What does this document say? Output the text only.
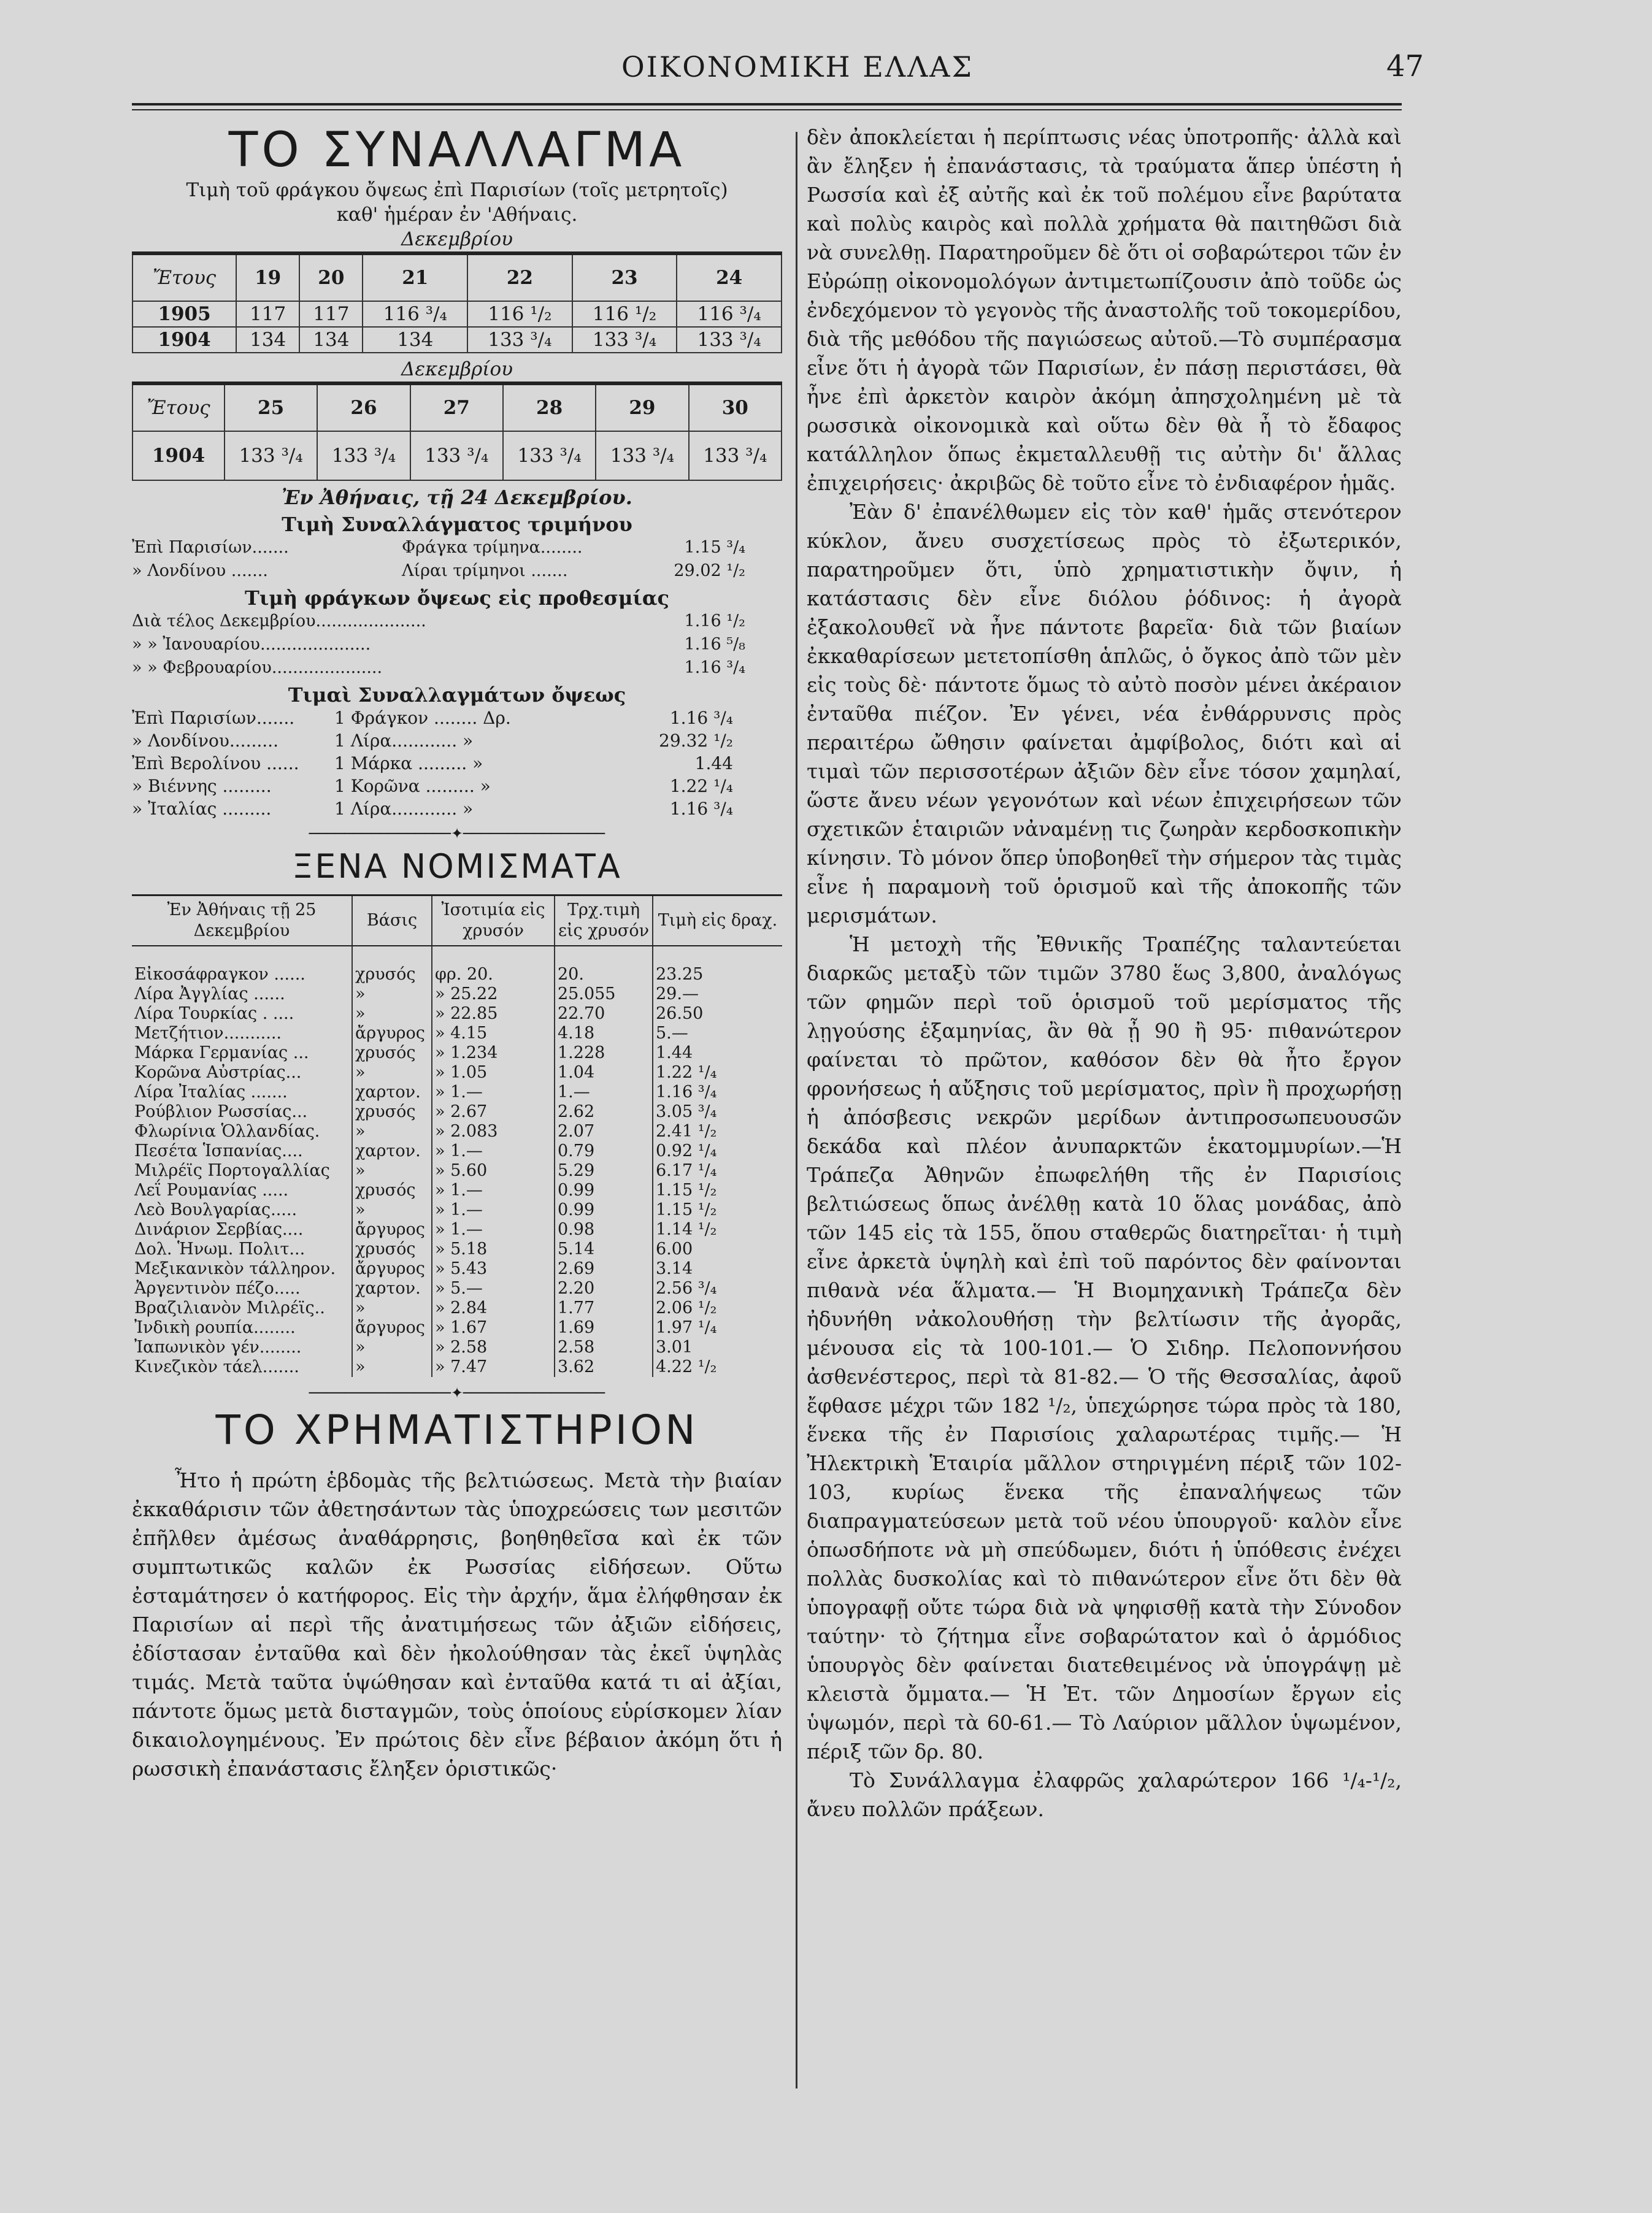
ΟΙΚΟΝΟΜΙΚΗ ΕΛΛΑΣ	47
ΤΟ ΣΥΝΑΛΛΑΓΜΑ
Τιμὴ τοῦ φράγκου ὄψεως ἐπὶ Παρισίων (τοῖς μετρητοῖς)
καθ' ἡμέραν ἐν 'Αθήναις.
Δεκεμβρίου
Ἔτους	19	20	21	22	23	24
1905	117	117	116 ³/₄	116 ¹/₂	116 ¹/₂	116 ³/₄
1904	134	134	134	133 ³/₄	133 ³/₄	133 ³/₄
Δεκεμβρίου
Ἔτους	25	26	27	28	29	30
1904	133 ³/₄	133 ³/₄	133 ³/₄	133 ³/₄	133 ³/₄	133 ³/₄
Ἐν Ἀθήναις, τῇ 24 Δεκεμβρίου.
Τιμὴ Συναλλάγματος τριμήνου
Ἐπὶ Παρισίων.......	Φράγκα τρίμηνα........	1.15 ³/₄
» Λονδίνου .......	Λίραι τρίμηνοι .......	29.02 ¹/₂
Τιμὴ φράγκων ὄψεως εἰς προθεσμίας
Διὰ τέλος Δεκεμβρίου.....................	1.16 ¹/₂
» » Ἰανουαρίου.....................	1.16 ⁵/₈
» » Φεβρουαρίου.....................	1.16 ³/₄
Τιμαὶ Συναλλαγμάτων ὄψεως
Ἐπὶ Παρισίων.......	1 Φράγκον ........ Δρ.	1.16 ³/₄
» Λονδίνου.........	1 Λίρα............ »	29.32 ¹/₂
Ἐπὶ Βερολίνου ......	1 Μάρκα ......... »	1.44
» Βιέννης .........	1 Κορῶνα ......... »	1.22 ¹/₄
» Ἰταλίας .........	1 Λίρα............ »	1.16 ³/₄
────────────────✦────────────────
ΞΕΝΑ ΝΟΜΙΣΜΑΤΑ
Ἐν Ἀθήναις τῇ 25 Δεκεμβρίου	Βάσις	Ἰσοτιμία εἰς χρυσόν	Τρχ.τιμὴ εἰς χρυσόν	Τιμὴ εἰς δραχ.

Εἰκοσάφραγκον ......	χρυσός	φρ. 20.	20.	23.25
Λίρα Ἀγγλίας ......	»	» 25.22	25.055	29.—
Λίρα Τουρκίας . ....	»	» 22.85	22.70	26.50
Μετζήτιον...........	ἄργυρος	» 4.15	4.18	5.—
Μάρκα Γερμανίας ...	χρυσός	» 1.234	1.228	1.44
Κορῶνα Αὐστρίας...	»	» 1.05	1.04	1.22 ¹/₄
Λίρα Ἰταλίας .......	χαρτον.	» 1.—	1.—	1.16 ³/₄
Ρούβλιον Ρωσσίας...	χρυσός	» 2.67	2.62	3.05 ³/₄
Φλωρίνια Ὁλλανδίας.	»	» 2.083	2.07	2.41 ¹/₂
Πεσέτα Ἱσπανίας....	χαρτον.	» 1.—	0.79	0.92 ¹/₄
Μιλρέϊς Πορτογαλλίας	»	» 5.60	5.29	6.17 ¹/₄
Λεΐ Ρουμανίας .....	χρυσός	» 1.—	0.99	1.15 ¹/₂
Λεὸ Βουλγαρίας.....	»	» 1.—	0.99	1.15 ¹/₂
Δινάριον Σερβίας....	ἄργυρος	» 1.—	0.98	1.14 ¹/₂
Δολ. Ἡνωμ. Πολιτ...	χρυσός	» 5.18	5.14	6.00
Μεξικανικὸν τάλληρον.	ἄργυρος	» 5.43	2.69	3.14
Ἀργεντινὸν πέζο.....	χαρτον.	» 5.—	2.20	2.56 ³/₄
Βραζιλιανὸν Μιλρέϊς..	»	» 2.84	1.77	2.06 ¹/₂
Ἰνδικὴ ρουπία........	ἄργυρος	» 1.67	1.69	1.97 ¹/₄
Ἰαπωνικὸν γέν........	»	» 2.58	2.58	3.01
Κινεζικὸν τάελ.......	»	» 7.47	3.62	4.22 ¹/₂
────────────────✦────────────────
ΤΟ ΧΡΗΜΑΤΙΣΤΗΡΙΟΝ

Ἦτο ἡ πρώτη ἑβδομὰς τῆς βελτιώσεως. Μετὰ τὴν βιαίαν ἐκκαθάρισιν τῶν ἀθετησάντων τὰς ὑποχρεώσεις των μεσιτῶν ἐπῆλθεν ἀμέσως ἀναθάρρησις, βοηθηθεῖσα καὶ ἐκ τῶν συμπτωτικῶς καλῶν ἐκ Ρωσσίας εἰδήσεων. Οὕτω ἐσταμάτησεν ὁ κατήφορος. Εἰς τὴν ἀρχήν, ἅμα ἐλήφθησαν ἐκ Παρισίων αἱ περὶ τῆς ἀνατιμήσεως τῶν ἀξιῶν εἰδήσεις, ἐδίστασαν ἐνταῦθα καὶ δὲν ἠκολούθησαν τὰς ἐκεῖ ὑψηλὰς τιμάς. Μετὰ ταῦτα ὑψώθησαν καὶ ἐνταῦθα κατά τι αἱ ἀξίαι, πάντοτε ὅμως μετὰ δισταγμῶν, τοὺς ὁποίους εὑρίσκομεν λίαν δικαιολογημένους. Ἐν πρώτοις δὲν εἶνε βέβαιον ἀκόμη ὅτι ἡ ρωσσικὴ ἐπανάστασις ἔληξεν ὁριστικῶς·

δὲν ἀποκλείεται ἡ περίπτωσις νέας ὑποτροπῆς· ἀλλὰ καὶ ἂν ἔληξεν ἡ ἐπανάστασις, τὰ τραύματα ἅπερ ὑπέστη ἡ Ρωσσία καὶ ἐξ αὐτῆς καὶ ἐκ τοῦ πολέμου εἶνε βαρύτατα καὶ πολὺς καιρὸς καὶ πολλὰ χρήματα θὰ παιτηθῶσι διὰ νὰ συνελθῃ. Παρατηροῦμεν δὲ ὅτι οἱ σοβαρώτεροι τῶν ἐν Εὐρώπῃ οἰκονομολόγων ἀντιμετωπίζουσιν ἀπὸ τοῦδε ὡς ἐνδεχόμενον τὸ γεγονὸς τῆς ἀναστολῆς τοῦ τοκομερίδου, διὰ τῆς μεθόδου τῆς παγιώσεως αὐτοῦ.—Τὸ συμπέρασμα εἶνε ὅτι ἡ ἀγορὰ τῶν Παρισίων, ἐν πάσῃ περιστάσει, θὰ ἦνε ἐπὶ ἀρκετὸν καιρὸν ἀκόμη ἀπησχολημένη μὲ τὰ ρωσσικὰ οἰκονομικὰ καὶ οὕτω δὲν θὰ ἦ τὸ ἔδαφος κατάλληλον ὅπως ἐκμεταλλευθῇ τις αὐτὴν δι' ἄλλας ἐπιχειρήσεις· ἀκριβῶς δὲ τοῦτο εἶνε τὸ ἐνδιαφέρον ἡμᾶς.

Ἐὰν δ' ἐπανέλθωμεν εἰς τὸν καθ' ἡμᾶς στενότερον κύκλον, ἄνευ συσχετίσεως πρὸς τὸ ἐξωτερικόν, παρατηροῦμεν ὅτι, ὑπὸ χρηματιστικὴν ὄψιν, ἡ κατάστασις δὲν εἶνε διόλου ῥόδινος: ἡ ἀγορὰ ἐξακολουθεῖ νὰ ἦνε πάντοτε βαρεῖα· διὰ τῶν βιαίων ἐκκαθαρίσεων μετετοπίσθη ἁπλῶς, ὁ ὄγκος ἀπὸ τῶν μὲν εἰς τοὺς δὲ· πάντοτε ὅμως τὸ αὐτὸ ποσὸν μένει ἀκέραιον ἐνταῦθα πιέζον. Ἐν γένει, νέα ἐνθάρρυνσις πρὸς περαιτέρω ὤθησιν φαίνεται ἀμφίβολος, διότι καὶ αἱ τιμαὶ τῶν περισσοτέρων ἀξιῶν δὲν εἶνε τόσον χαμηλαί, ὥστε ἄνευ νέων γεγονότων καὶ νέων ἐπιχειρήσεων τῶν σχετικῶν ἑταιριῶν νἀναμένῃ τις ζωηρὰν κερδοσκοπικὴν κίνησιν. Τὸ μόνον ὅπερ ὑποβοηθεῖ τὴν σήμερον τὰς τιμὰς εἶνε ἡ παραμονὴ τοῦ ὁρισμοῦ καὶ τῆς ἀποκοπῆς τῶν μερισμάτων.

Ἡ μετοχὴ τῆς Ἐθνικῆς Τραπέζης ταλαντεύεται διαρκῶς μεταξὺ τῶν τιμῶν 3780 ἕως 3,800, ἀναλόγως τῶν φημῶν περὶ τοῦ ὁρισμοῦ τοῦ μερίσματος τῆς λῃγούσης ἑξαμηνίας, ἂν θὰ ᾖ 90 ἢ 95· πιθανώτερον φαίνεται τὸ πρῶτον, καθόσον δὲν θὰ ἦτο ἔργον φρονήσεως ἡ αὔξησις τοῦ μερίσματος, πρὶν ἢ προχωρήσῃ ἡ ἀπόσβεσις νεκρῶν μερίδων ἀντιπροσωπευουσῶν δεκάδα καὶ πλέον ἀνυπαρκτῶν ἑκατομμυρίων.—Ἡ Τράπεζα Ἀθηνῶν ἐπωφελήθη τῆς ἐν Παρισίοις βελτιώσεως ὅπως ἀνέλθῃ κατὰ 10 ὅλας μονάδας, ἀπὸ τῶν 145 εἰς τὰ 155, ὅπου σταθερῶς διατηρεῖται· ἡ τιμὴ εἶνε ἀρκετὰ ὑψηλὴ καὶ ἐπὶ τοῦ παρόντος δὲν φαίνονται πιθανὰ νέα ἅλματα.— Ἡ Βιομηχανικὴ Τράπεζα δὲν ἠδυνήθη νἀκολουθήσῃ τὴν βελτίωσιν τῆς ἀγορᾶς, μένουσα εἰς τὰ 100-101.— Ὁ Σιδηρ. Πελοποννήσου ἀσθενέστερος, περὶ τὰ 81-82.— Ὁ τῆς Θεσσαλίας, ἀφοῦ ἔφθασε μέχρι τῶν 182 ¹/₂, ὑπεχώρησε τώρα πρὸς τὰ 180, ἕνεκα τῆς ἐν Παρισίοις χαλαρωτέρας τιμῆς.— Ἡ Ἠλεκτρικὴ Ἑταιρία μᾶλλον στηριγμένη πέριξ τῶν 102-103, κυρίως ἕνεκα τῆς ἐπαναλήψεως τῶν διαπραγματεύσεων μετὰ τοῦ νέου ὑπουργοῦ· καλὸν εἶνε ὁπωσδήποτε νὰ μὴ σπεύδωμεν, διότι ἡ ὑπόθεσις ἐνέχει πολλὰς δυσκολίας καὶ τὸ πιθανώτερον εἶνε ὅτι δὲν θὰ ὑπογραφῇ οὔτε τώρα διὰ νὰ ψηφισθῇ κατὰ τὴν Σύνοδον ταύτην· τὸ ζήτημα εἶνε σοβαρώτατον καὶ ὁ ἁρμόδιος ὑπουργὸς δὲν φαίνεται διατεθειμένος νὰ ὑπογράψῃ μὲ κλειστὰ ὄμματα.— Ἡ Ἐτ. τῶν Δημοσίων ἔργων εἰς ὑψωμόν, περὶ τὰ 60-61.— Τὸ Λαύριον μᾶλλον ὑψωμένον, πέριξ τῶν δρ. 80.

Τὸ Συνάλλαγμα ἐλαφρῶς χαλαρώτερον 166 ¹/₄-¹/₂, ἄνευ πολλῶν πράξεων.
